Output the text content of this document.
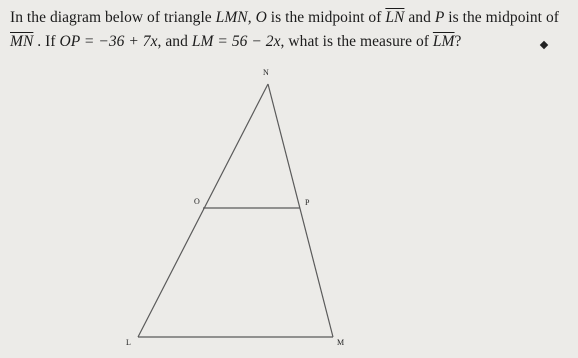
In the diagram below of triangle LMN, O is the midpoint of $\overline{LN}$ and P is the midpoint of $\overline{MN}$ . If OP = −36 + 7x, and LM = 56 − 2x, what is the measure of $\overline{LM}$?
N
O	P
L	M
